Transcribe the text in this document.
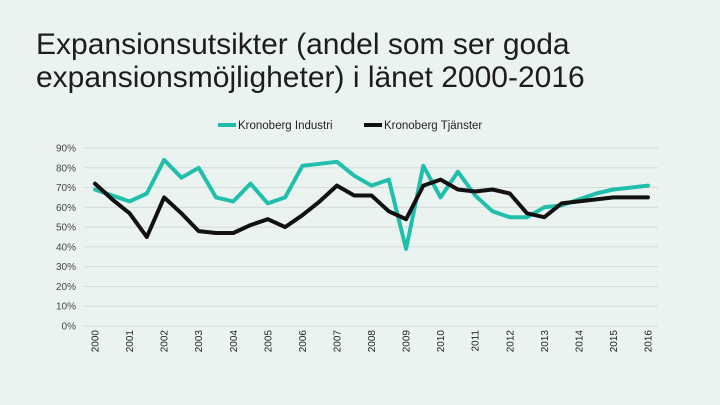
Expansionsutsikter (andel som ser goda expansionsmöjligheter) i länet 2000-2016
0%
10%
20%
30%
40%
50%
60%
70%
80%
90%
2000 2001 2002 2003 2004 2005 2006 2007 2008 2009 2010 2011 2012 2013 2014 2015 2016
Kronoberg Industri	Kronoberg Tjänster
